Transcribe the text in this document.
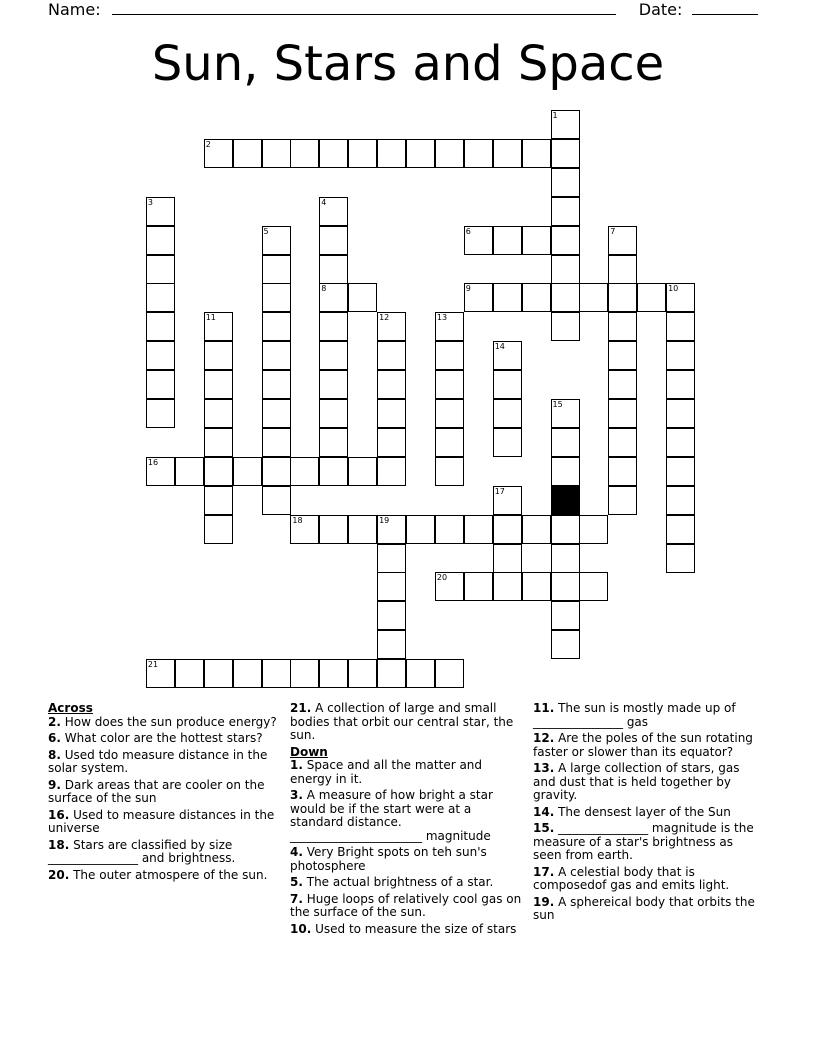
Name:	Date:
Sun, Stars and Space
2
6
8	9	10
16
18	19
20
21
1
3	4
5	7
11	12	13
14
15
17
Across
2. How does the sun produce energy?
6. What color are the hottest stars?
8. Used tdo measure distance in the solar system.
9. Dark areas that are cooler on the surface of the sun
16. Used to measure distances in the universe
18. Stars are classified by size _______________ and brightness.
20. The outer atmospere of the sun.
21. A collection of large and small bodies that orbit our central star, the sun.
Down
1. Space and all the matter and energy in it.
3. A measure of how bright a star would be if the start were at a standard distance. ______________________ magnitude
4. Very Bright spots on teh sun's photosphere
5. The actual brightness of a star.
7. Huge loops of relatively cool gas on the surface of the sun.
10. Used to measure the size of stars
11. The sun is mostly made up of _______________ gas
12. Are the poles of the sun rotating faster or slower than its equator?
13. A large collection of stars, gas and dust that is held together by gravity.
14. The densest layer of the Sun
15. _______________ magnitude is the measure of a star's brightness as seen from earth.
17. A celestial body that is composedof gas and emits light.
19. A sphereical body that orbits the sun
